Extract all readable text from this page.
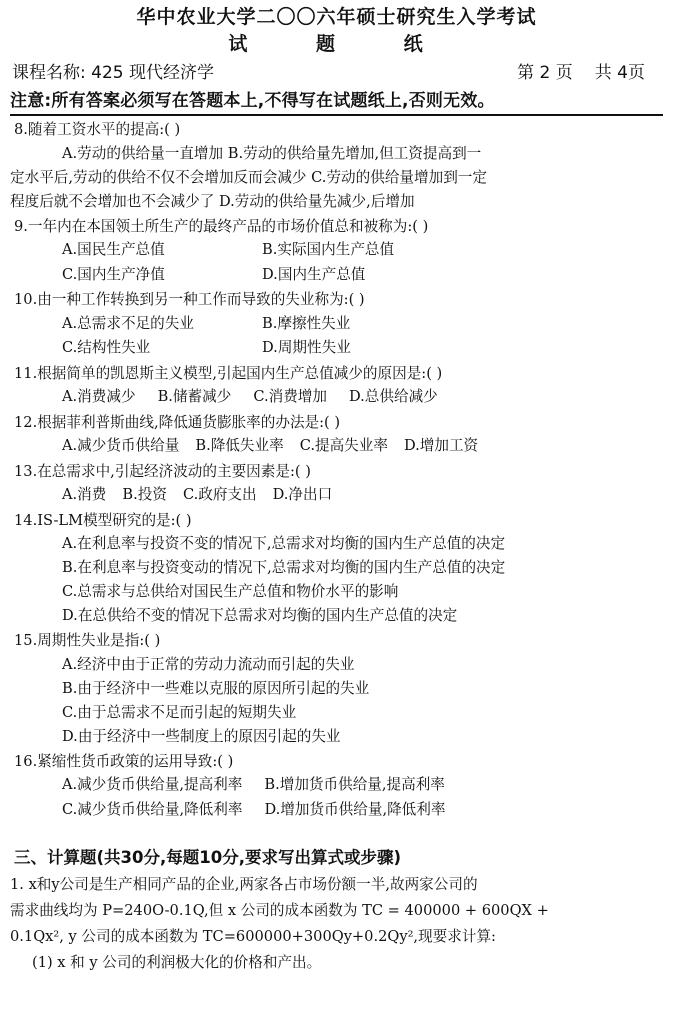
华中农业大学二〇〇六年硕士研究生入学考试
试 题 纸
课程名称: 425 现代经济学	第 2 页 共 4页
注意:所有答案必须写在答题本上,不得写在试题纸上,否则无效。
8.随着工资水平的提高:( )
A.劳动的供给量一直增加 B.劳动的供给量先增加,但工资提高到一
定水平后,劳动的供给不仅不会增加反而会减少 C.劳动的供给量增加到一定
程度后就不会增加也不会减少了 D.劳动的供给量先减少,后增加
9.一年内在本国领土所生产的最终产品的市场价值总和被称为:( )
A.国民生产总值	B.实际国内生产总值
C.国内生产净值	D.国内生产总值
10.由一种工作转换到另一种工作而导致的失业称为:( )
A.总需求不足的失业	B.摩擦性失业
C.结构性失业	D.周期性失业
11.根据简单的凯恩斯主义模型,引起国内生产总值减少的原因是:( )
A.消费减少 B.储蓄减少 C.消费增加 D.总供给减少
12.根据菲利普斯曲线,降低通货膨胀率的办法是:( )
A.减少货币供给量 B.降低失业率 C.提高失业率 D.增加工资
13.在总需求中,引起经济波动的主要因素是:( )
A.消费 B.投资 C.政府支出 D.净出口
14.IS-LM模型研究的是:( )
A.在利息率与投资不变的情况下,总需求对均衡的国内生产总值的决定
B.在利息率与投资变动的情况下,总需求对均衡的国内生产总值的决定
C.总需求与总供给对国民生产总值和物价水平的影响
D.在总供给不变的情况下总需求对均衡的国内生产总值的决定
15.周期性失业是指:( )
A.经济中由于正常的劳动力流动而引起的失业
B.由于经济中一些难以克服的原因所引起的失业
C.由于总需求不足而引起的短期失业
D.由于经济中一些制度上的原因引起的失业
16.紧缩性货币政策的运用导致:( )
A.减少货币供给量,提高利率 B.增加货币供给量,提高利率
C.减少货币供给量,降低利率 D.增加货币供给量,降低利率
三、计算题(共30分,每题10分,要求写出算式或步骤)
1. x和y公司是生产相同产品的企业,两家各占市场份额一半,故两家公司的
需求曲线均为 P=240O-0.1Q,但 x 公司的成本函数为 TC = 400000 + 600QX +
0.1Qx², y 公司的成本函数为 TC=600000+300Qy+0.2Qy²,现要求计算:
(1) x 和 y 公司的利润极大化的价格和产出。
